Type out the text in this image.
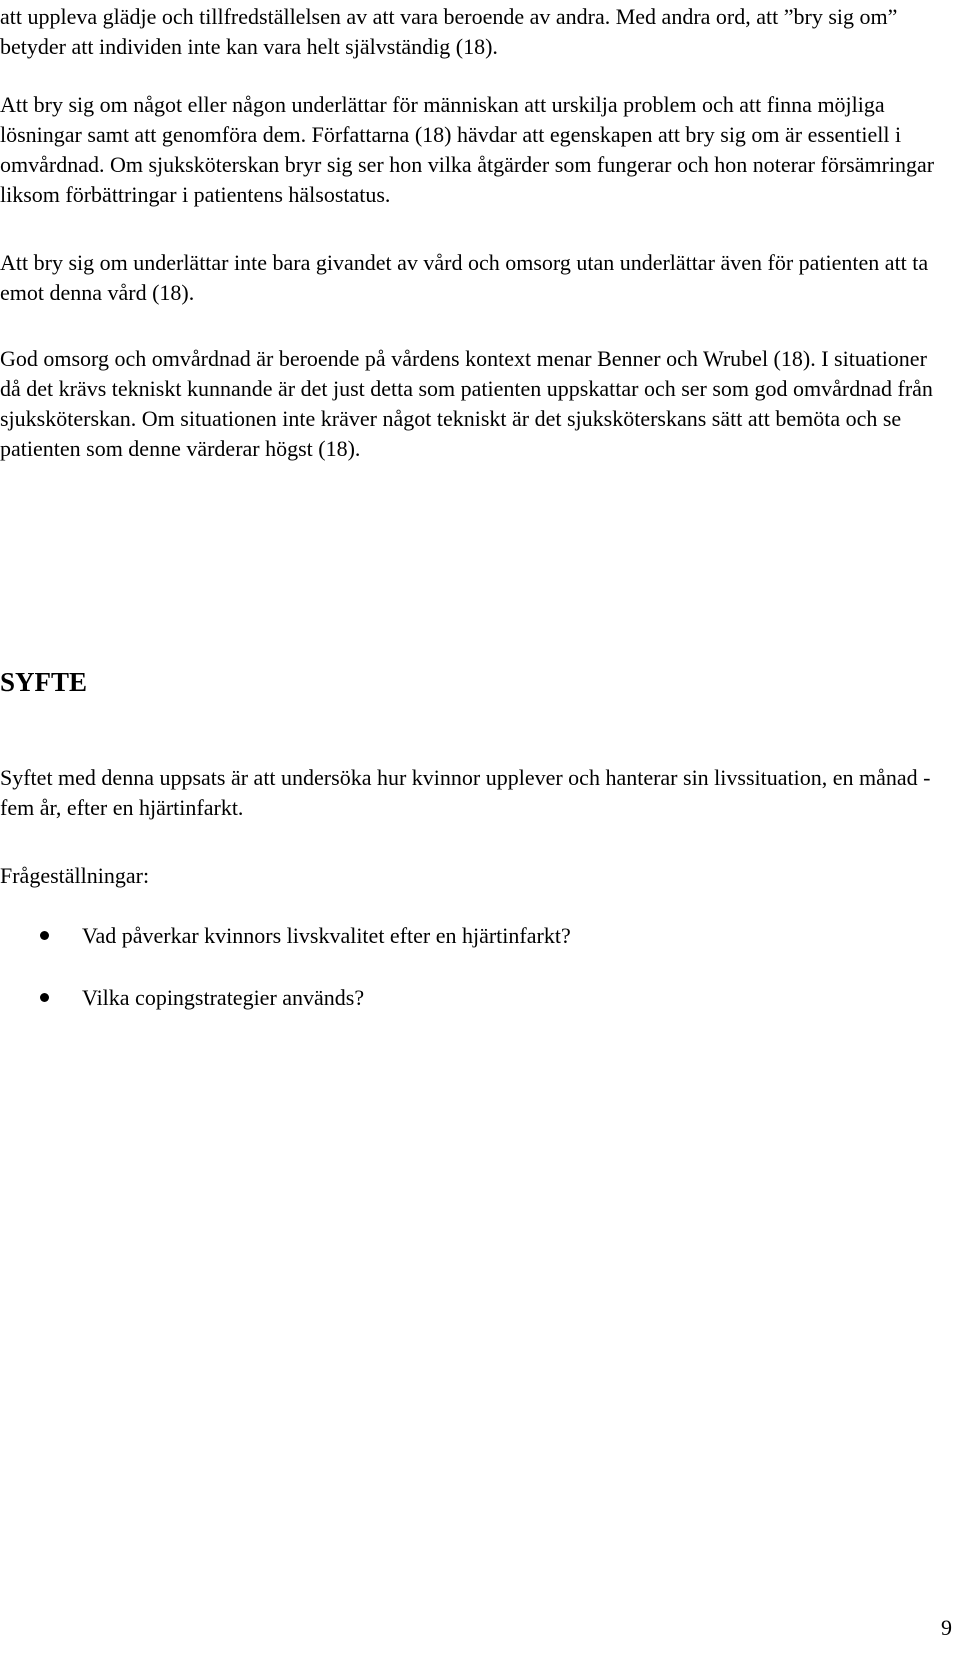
att uppleva glädje och tillfredställelsen av att vara beroende av andra. Med andra ord, att ”bry sig om” betyder att individen inte kan vara helt självständig (18).

Att bry sig om något eller någon underlättar för människan att urskilja problem och att finna möjliga lösningar samt att genomföra dem. Författarna (18) hävdar att egenskapen att bry sig om är essentiell i omvårdnad. Om sjuksköterskan bryr sig ser hon vilka åtgärder som fungerar och hon noterar försämringar liksom förbättringar i patientens hälsostatus.

Att bry sig om underlättar inte bara givandet av vård och omsorg utan underlättar även för patienten att ta emot denna vård (18).

God omsorg och omvårdnad är beroende på vårdens kontext menar Benner och Wrubel (18). I situationer då det krävs tekniskt kunnande är det just detta som patienten uppskattar och ser som god omvårdnad från sjuksköterskan. Om situationen inte kräver något tekniskt är det sjuksköterskans sätt att bemöta och se patienten som denne värderar högst (18).

SYFTE

Syftet med denna uppsats är att undersöka hur kvinnor upplever och hanterar sin livssituation, en månad - fem år, efter en hjärtinfarkt.

Frågeställningar:

Vad påverkar kvinnors livskvalitet efter en hjärtinfarkt?
Vilka copingstrategier används?

9
